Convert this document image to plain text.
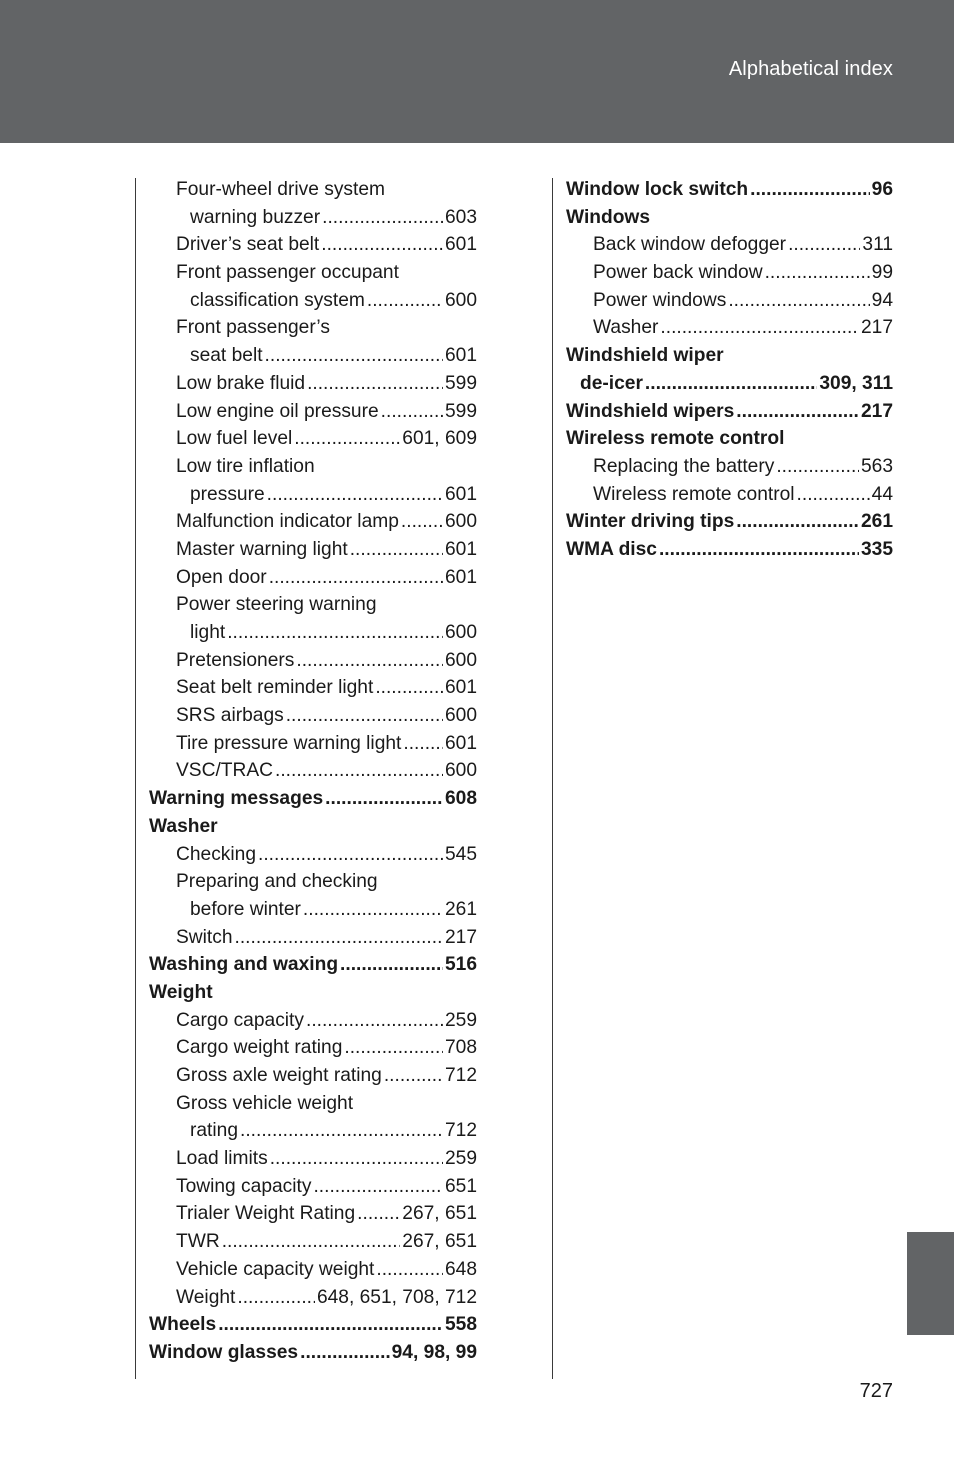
Alphabetical index
Four-wheel drive system
warning buzzer .....	603
Driver’s seat belt .....	601
Front passenger occupant
classification system .....	600
Front passenger’s
seat belt .....	601
Low brake fluid .....	599
Low engine oil pressure .....	599
Low fuel level .....	601, 609
Low tire inflation
pressure .....	601
Malfunction indicator lamp ..... 600
Master warning light .....	601
Open door .....	601
Power steering warning
light .....	600
Pretensioners .....	600
Seat belt reminder light .....	601
SRS airbags .....	600
Tire pressure warning light ..... 601
VSC/TRAC .....	600
Warning messages .....	608
Washer
Checking .....	545
Preparing and checking
before winter .....	261
Switch .....	217
Washing and waxing .....	516
Weight
Cargo capacity .....	259
Cargo weight rating .....	708
Gross axle weight rating .....	712
Gross vehicle weight
rating .....	712
Load limits .....	259
Towing capacity .....	651
Trialer Weight Rating ..... 267, 651
TWR .....	267, 651
Vehicle capacity weight .....	648
Weight .....	648, 651, 708, 712
Wheels .....	558
Window glasses .....	94, 98, 99
Window lock switch .....	96
Windows
Back window defogger .....	311
Power back window .....	99
Power windows .....	94
Washer .....	217
Windshield wiper
de-icer .....	309, 311
Windshield wipers .....	217
Wireless remote control
Replacing the battery .....	563
Wireless remote control .....	44
Winter driving tips .....	261
WMA disc .....	335
727
